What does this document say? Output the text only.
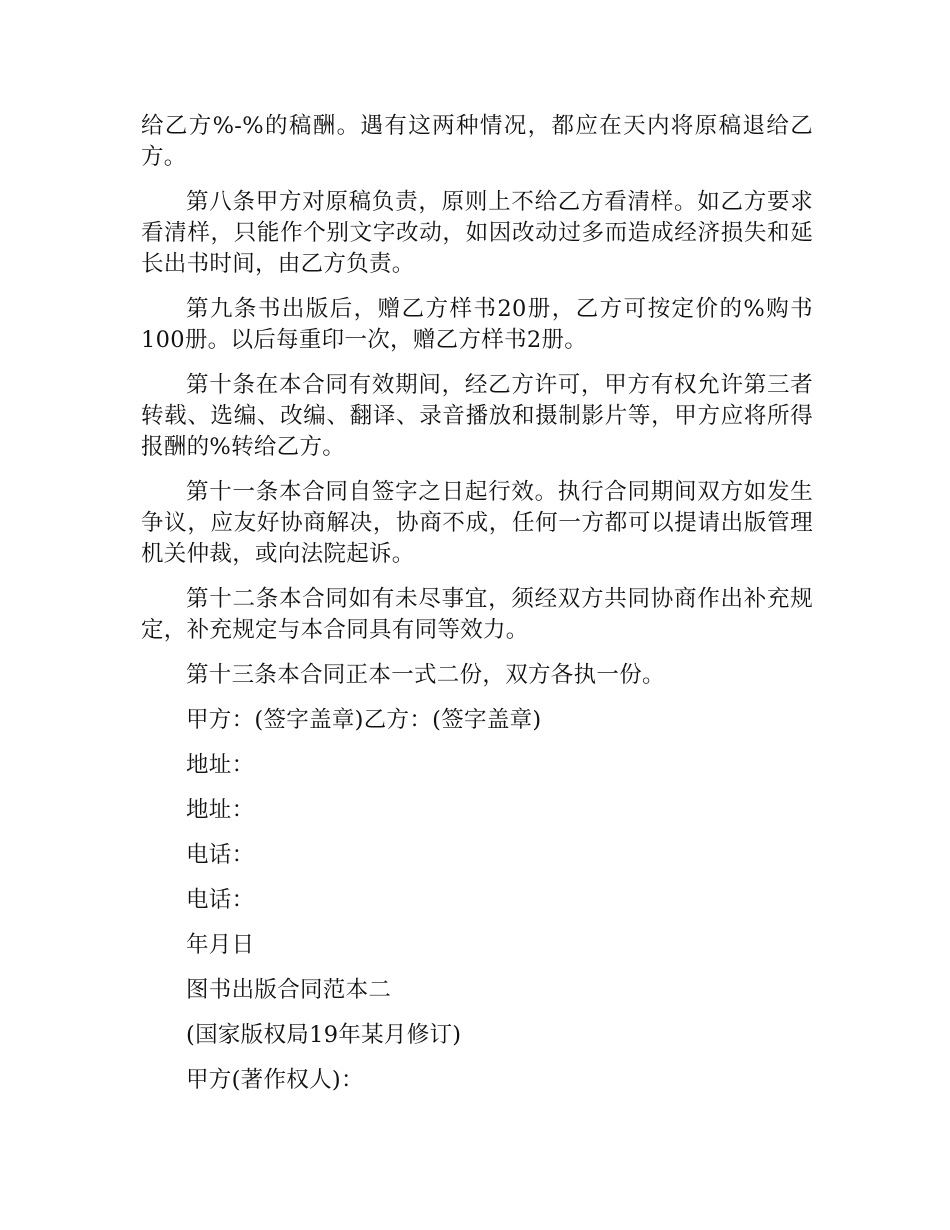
给乙方%-%的稿酬。遇有这两种情况，都应在天内将原稿退给乙方。

第八条甲方对原稿负责，原则上不给乙方看清样。如乙方要求看清样，只能作个别文字改动，如因改动过多而造成经济损失和延长出书时间，由乙方负责。

第九条书出版后，赠乙方样书20册，乙方可按定价的%购书100册。以后每重印一次，赠乙方样书2册。

第十条在本合同有效期间，经乙方许可，甲方有权允许第三者转载、选编、改编、翻译、录音播放和摄制影片等，甲方应将所得报酬的%转给乙方。

第十一条本合同自签字之日起行效。执行合同期间双方如发生争议，应友好协商解决，协商不成，任何一方都可以提请出版管理机关仲裁，或向法院起诉。

第十二条本合同如有未尽事宜，须经双方共同协商作出补充规定，补充规定与本合同具有同等效力。

第十三条本合同正本一式二份，双方各执一份。

甲方：(签字盖章)乙方：(签字盖章)

地址：

地址：

电话：

电话：

年月日

图书出版合同范本二

(国家版权局19年某月修订)

甲方(著作权人)：
